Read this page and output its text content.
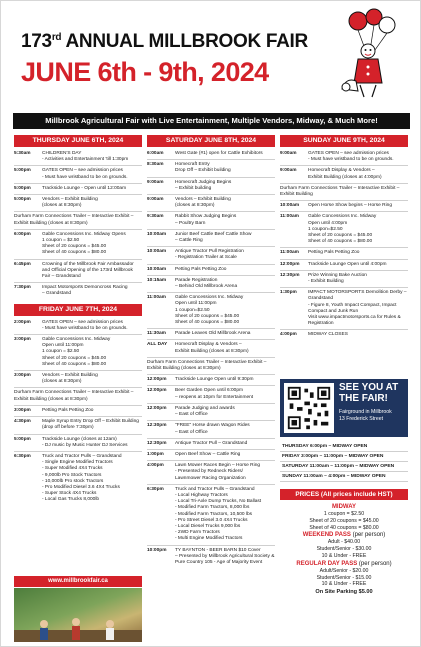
173rd ANNUAL MILLBROOK FAIR
JUNE 6th - 9th, 2024
Millbrook Agricultural Fair with Live Entertainment, Multiple Vendors, Midway, & Much More!
THURSDAY JUNE 6TH, 2024
5:30am	CHILDREN'S DAY
- Activities and Entertainment 'till 1:30pm
5:00pm	GATES OPEN – see admission prices
- Must have wristband to be on grounds.
5:00pm	Trackside Lounge - Open until 12:00am
5:00pm	Vendors – Exhibit Building
(closes at 8:30pm)
Durham Farm Connections Trailer – Interactive Exhibit – Exhibit Building (closes at 8:30pm)
6:00pm	Gable Concessions Inc. Midway Opens
1 coupon = $2.50
Sheet of 20 coupons = $45.00
Sheet of 40 coupons = $80.00
6:45pm	Crowning of the Millbrook Fair Ambassador and Official Opening of the 173rd Millbrook Fair – Grandstand
7:30pm	Impact Motorsports Demoncross Racing
– Grandstand
FRIDAY JUNE 7TH, 2024
2:00pm	GATES OPEN – see admission prices
- Must have wristband to be on grounds.
3:00pm	Gable Concessions Inc. Midway
Open until 11:00pm
1 coupon = $2.50
Sheet of 20 coupons = $45.00
Sheet of 40 coupons = $80.00
3:00pm	Vendors – Exhibit Building
(closes at 8:30pm)
Durham Farm Connections Trailer – Interactive Exhibit – Exhibit Building (closes at 8:30pm)
3:00pm	Petting Pals Petting Zoo
4:30pm	Maple Syrup Entry Drop Off – Exhibit Building (drop off before 7:30pm)
5:00pm	Trackside Lounge (closes at 12am)
- DJ music by Music Hunter DJ Services
6:30pm	Truck and Tractor Pulls – Grandstand
- Single Engine Modified Tractors
- Super Modified 4X4 Trucks
- 9,000lb Pro Stock Tractors
- 10,000lb Pro stock Tractors
- Pro Modified Diesel 3.6 4X4 Trucks
- Super Stock 4X4 Trucks
- Local Gas Trucks 8,000lb
www.millbrookfair.ca
SATURDAY JUNE 8TH, 2024
6:00am	West Gate (#1) open for Cattle Exhibitors
8:30am	Homecraft Entry
Drop Off – Exhibit building
9:00am	Homecraft Judging Begins
– Exhibit building
9:00am	Vendors – Exhibit Building
(closes at 8:30pm)
9:30am	Rabbit Show Judging Begins
– Poultry Barn
10:00am	Junior Beef Cattle Beef Cattle Show
– Cattle Ring
10:00am	Antique Tractor Pull Registration
- Registration Trailer at Scale
10:00am	Petting Pals Petting Zoo
10:15am	Parade Registration
– Behind Old Millbrook Arena
11:00am	Gable Concessions Inc. Midway
Open until 11:00pm
1 coupon=$2.50
Sheet of 20 coupons = $45.00
Sheet of 40 coupons = $80.00
11:30am	Parade Leaves Old Millbrook Arena
ALL DAY	Homecraft Display & Vendors –
Exhibit Building (closes at 8:30pm)
Durham Farm Connections Trailer – Interactive Exhibit – Exhibit Building (closes at 8:30pm)
12:00pm	Trackside Lounge Open until 9:30pm
12:00pm	Beer Garden Open until 6:00pm
– reopens at 10pm for Entertainment
12:00pm	Parade Judging and awards
– East of Office
12:30pm	"FREE" Horse drawn Wagon Rides
– East of Office
12:30pm	Antique Tractor Pull – Grandstand
1:00pm	Open Beef Show – Cattle Ring
4:00pm	Lawn Mower Races Begin – Horse Ring
- Presented by Redneck Riders/
Lawnmower Racing Organization
6:30pm	Truck and Tractor Pulls – Grandstand
- Local Highway Tractors
- Local Tri-Axle Dump Trucks, No Ballast
- Modified Farm Tractors, 8,000 lbs
- Modified Farm Tractors, 10,500 lbs
- Pro Street Diesel 3.0 4X4 Trucks
- Local Diesel Trucks 9,000 lbs
- 2WD Farm Tractors
- Multi Engine Modified Tractors
10:00pm	TY BAYNTON - BEER BARN $10 Cover
– Presented by Millbrook Agricultural Society & Pure Country 105 - Age of Majority Event
SUNDAY JUNE 9TH, 2024
9:00am	GATES OPEN – see admission prices
- Must have wristband to be on grounds.
9:00am	Homecraft Display & Vendors –
Exhibit Building (closes at 4:00pm)
Durham Farm Connections Trailer – Interactive Exhibit – Exhibit Building
10:00am	Open Horse Show begins – Horse Ring
11:00am	Gable Concessions Inc. Midway
Open until 4:00pm
1 coupon=$2.50
Sheet of 20 coupons = $45.00
Sheet of 40 coupons = $80.00
11:00am	Petting Pals Petting Zoo
12:00pm	Trackside Lounge Open until 4:00pm
12:30pm	Prize Winning Bake Auction
- Exhibit Building
1:30pm	IMPACT MOTORSPORTS Demolition Derby – Grandstand
- Figure 8, Youth Impact Compact, Impact Compact and Junk Run
Visit www.impactmotorsports.ca for Rules & Registration
4:00pm	MIDWAY CLOSES
SEE YOU AT
THE FAIR!
Fairground in Millbrook
13 Frederick Street
THURSDAY 6:00pm – MIDWAY OPEN
FRIDAY 3:00pm – 11:00pm – MIDWAY OPEN
SATURDAY 11:00am – 11:00pm – MIDWAY OPEN
SUNDAY 11:00am – 4:00pm – MIDWAY OPEN
PRICES (All prices include HST)
MIDWAY
1 coupon = $2.50
Sheet of 20 coupons = $45.00
Sheet of 40 coupons = $80.00
WEEKEND PASS (per person)
Adult - $40.00
Student/Senior - $30.00
10 & Under - FREE
REGULAR DAY PASS (per person)
Adult/Senior - $20.00
Student/Senior - $15.00
10 & Under - FREE
On Site Parking $5.00
